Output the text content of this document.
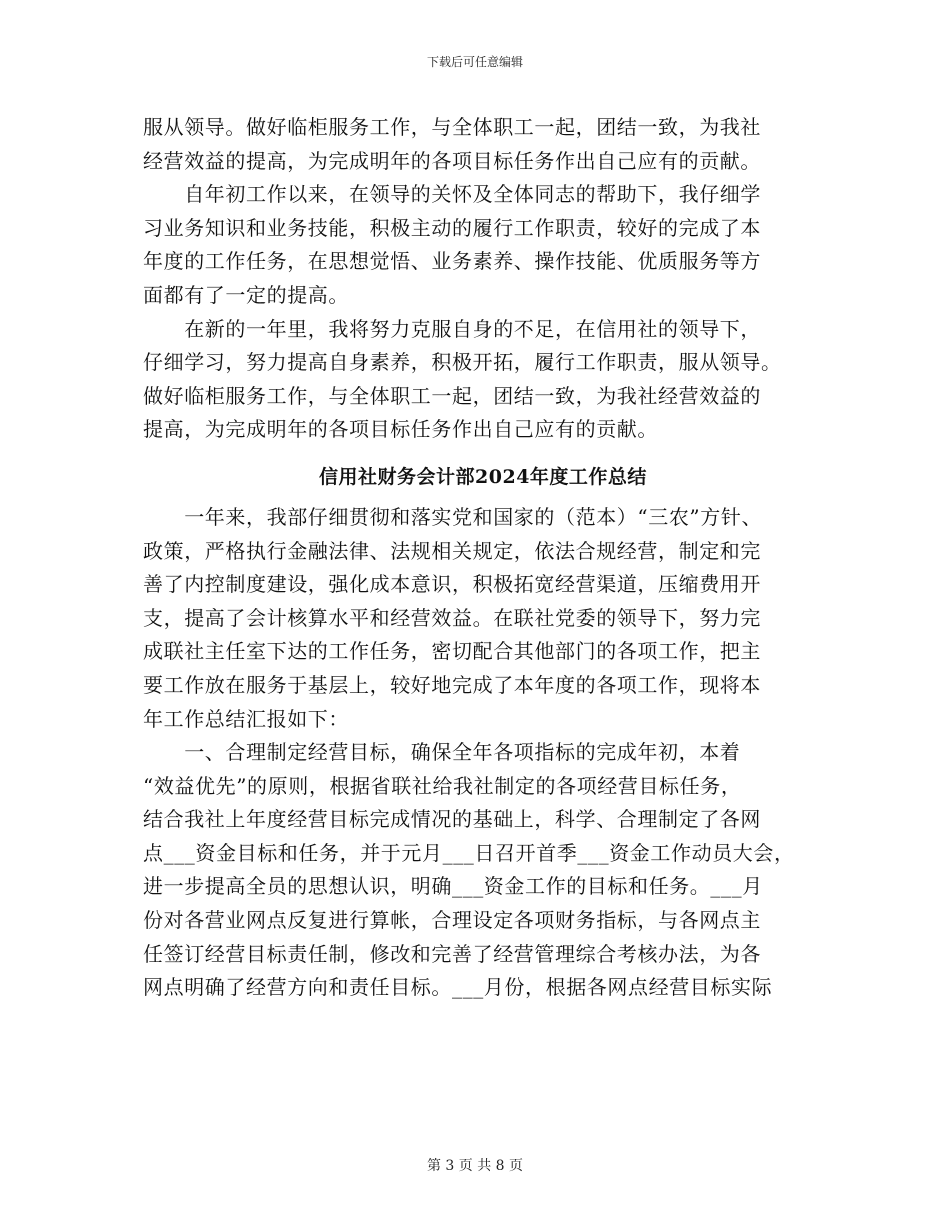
下载后可任意编辑
服从领导。做好临柜服务工作，与全体职工一起，团结一致，为我社
经营效益的提高，为完成明年的各项目标任务作出自己应有的贡献。
　　自年初工作以来，在领导的关怀及全体同志的帮助下，我仔细学
习业务知识和业务技能，积极主动的履行工作职责，较好的完成了本
年度的工作任务，在思想觉悟、业务素养、操作技能、优质服务等方
面都有了一定的提高。
　　在新的一年里，我将努力克服自身的不足，在信用社的领导下，
仔细学习，努力提高自身素养，积极开拓，履行工作职责，服从领导。
做好临柜服务工作，与全体职工一起，团结一致，为我社经营效益的
提高，为完成明年的各项目标任务作出自己应有的贡献。
信用社财务会计部2024年度工作总结
　　一年来，我部仔细贯彻和落实党和国家的（范本）“三农”方针、
政策，严格执行金融法律、法规相关规定，依法合规经营，制定和完
善了内控制度建设，强化成本意识，积极拓宽经营渠道，压缩费用开
支，提高了会计核算水平和经营效益。在联社党委的领导下，努力完
成联社主任室下达的工作任务，密切配合其他部门的各项工作，把主
要工作放在服务于基层上，较好地完成了本年度的各项工作，现将本
年工作总结汇报如下：
　　一、合理制定经营目标，确保全年各项指标的完成年初，本着
“效益优先”的原则，根据省联社给我社制定的各项经营目标任务，
结合我社上年度经营目标完成情况的基础上，科学、合理制定了各网
点___资金目标和任务，并于元月___日召开首季___资金工作动员大会，
进一步提高全员的思想认识，明确___资金工作的目标和任务。___月
份对各营业网点反复进行算帐，合理设定各项财务指标，与各网点主
任签订经营目标责任制，修改和完善了经营管理综合考核办法，为各
网点明确了经营方向和责任目标。___月份，根据各网点经营目标实际
第 3 页 共 8 页
